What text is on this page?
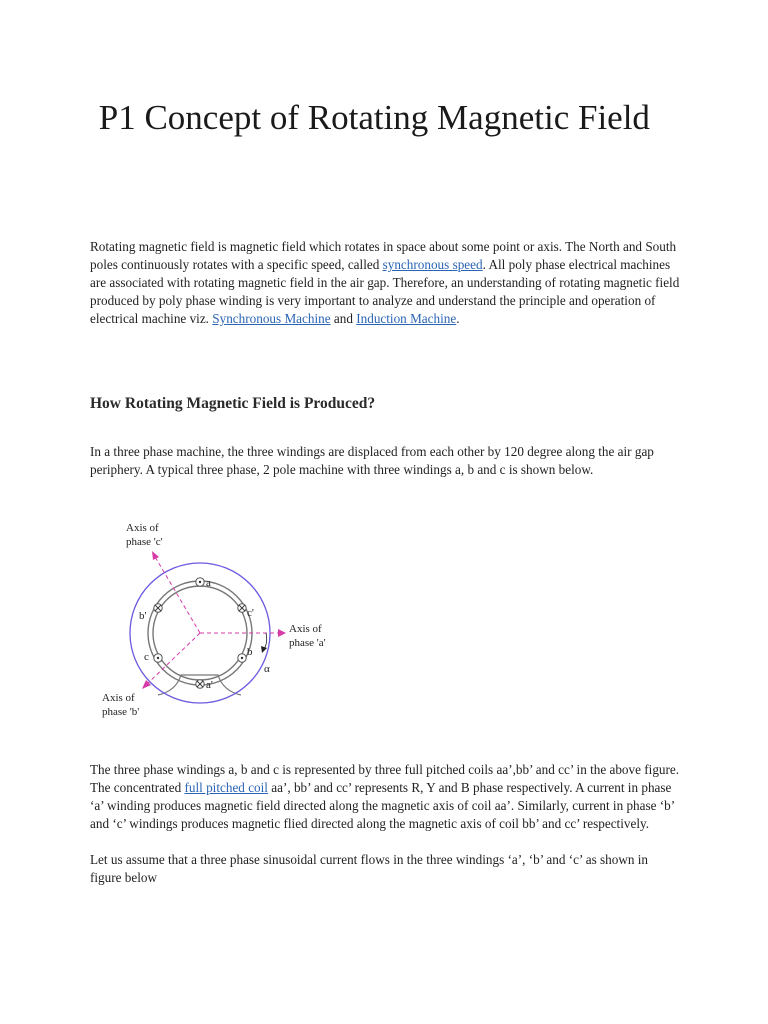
P1 Concept of Rotating Magnetic Field

Rotating magnetic field is magnetic field which rotates in space about some point or axis. The North and South poles continuously rotates with a specific speed, called synchronous speed. All poly phase electrical machines are associated with rotating magnetic field in the air gap. Therefore, an understanding of rotating magnetic field produced by poly phase winding is very important to analyze and understand the principle and operation of electrical machine viz. Synchronous Machine and Induction Machine.

How Rotating Magnetic Field is Produced?

In a three phase machine, the three windings are displaced from each other by 120 degree along the air gap periphery. A typical three phase, 2 pole machine with three windings a, b and c is shown below.

The three phase windings a, b and c is represented by three full pitched coils aa’,bb’ and cc’ in the above figure. The concentrated full pitched coil aa’, bb’ and cc’ represents R, Y and B phase respectively. A current in phase ‘a’ winding produces magnetic field directed along the magnetic axis of coil aa’. Similarly, current in phase ‘b’ and ‘c’ windings produces magnetic flied directed along the magnetic axis of coil bb’ and cc’ respectively.

Let us assume that a three phase sinusoidal current flows in the three windings ‘a’, ‘b’ and ‘c’ as shown in figure below

Axis of
phase 'c'
Axis of
phase 'a'
Axis of
phase 'b'
a
a'
b
b'
c
c'
α
